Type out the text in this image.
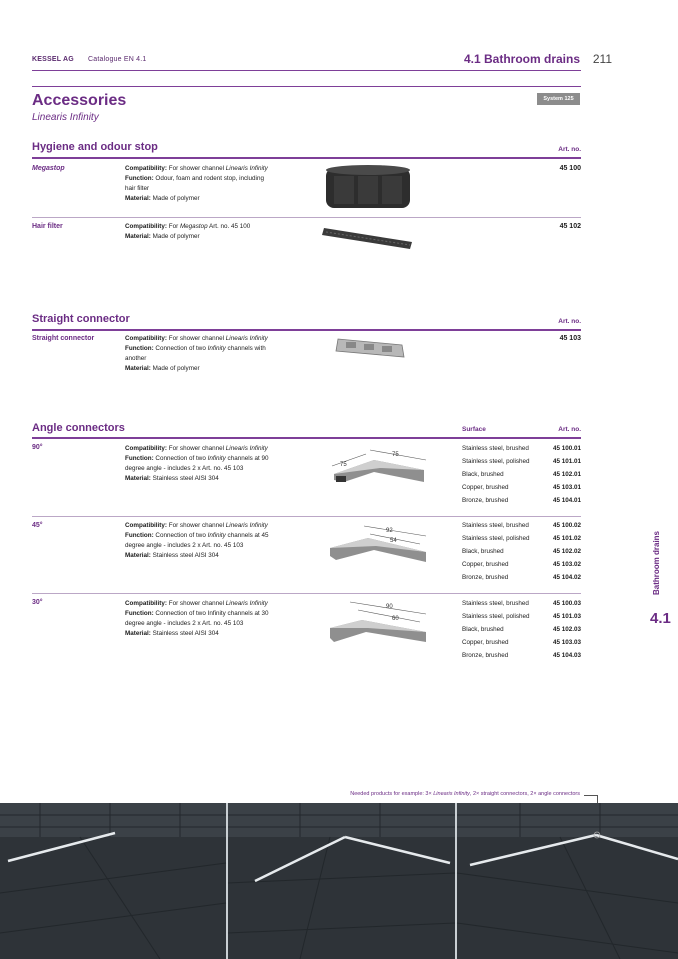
KESSEL AG Catalogue EN 4.1	4.1 Bathroom drains 211
Accessories
Linearis Infinity
System 125
Hygiene and odour stop	Art. no.
Megastop	Compatibility: For shower channel Linearis Infinity
Function: Odour, foam and rodent stop, including hair filter
Material: Made of polymer
45 100
Hair filter	Compatibility: For Megastop Art. no. 45 100
Material: Made of polymer
45 102
Straight connector	Art. no.
Straight connector	Compatibility: For shower channel Linearis Infinity
Function: Connection of two Infinity channels with another
Material: Made of polymer
45 103
Angle connectors	Surface	Art. no.
90°	Compatibility: For shower channel Linearis Infinity
Function: Connection of two Infinity channels at 90 degree angle - includes 2 x Art. no. 45 103
Material: Stainless steel AISI 304
75
75
Stainless steel, brushed	45 100.01
Stainless steel, polished	45 101.01
Black, brushed	45 102.01
Copper, brushed	45 103.01
Bronze, brushed	45 104.01
45°	Compatibility: For shower channel Linearis Infinity
Function: Connection of two Infinity channels at 45 degree angle - includes 2 x Art. no. 45 103
Material: Stainless steel AISI 304
92
54
Stainless steel, brushed	45 100.02
Stainless steel, polished	45 101.02
Black, brushed	45 102.02
Copper, brushed	45 103.02
Bronze, brushed	45 104.02
30°	Compatibility: For shower channel Linearis Infinity
Function: Connection of two Infinity channels at 30 degree angle - includes 2 x Art. no. 45 103
Material: Stainless steel AISI 304
90
60
Stainless steel, brushed	45 100.03
Stainless steel, polished	45 101.03
Black, brushed	45 102.03
Copper, brushed	45 103.03
Bronze, brushed	45 104.03
Bathroom drains
4.1
Needed products for example: 3× Linearis Infinity, 2× straight connectors, 2× angle connectors
